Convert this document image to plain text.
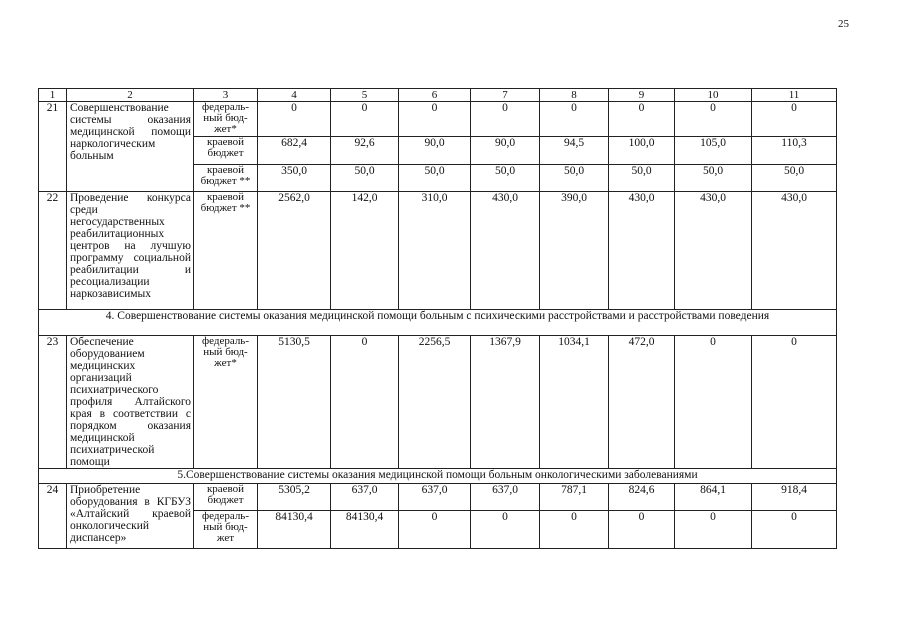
25
1	2	3	4	5	6	7	8	9	10	11
21	Совершенствование системы оказания медицинской помощи наркологическим больным	федераль-ный бюд-жет*	0	0	0	0	0	0	0	0
		краевой бюджет	682,4	92,6	90,0	90,0	94,5	100,0	105,0	110,3
		краевой бюджет **	350,0	50,0	50,0	50,0	50,0	50,0	50,0	50,0
22	Проведение конкурса среди негосударственных реабилитационных центров на лучшую программу социальной реабилитации и ресоциализации наркозависимых	краевой бюджет **	2562,0	142,0	310,0	430,0	390,0	430,0	430,0	430,0
4. Совершенствование системы оказания медицинской помощи больным с психическими расстройствами и расстройствами поведения										
23	Обеспечение оборудованием медицинских организаций психиатрического профиля Алтайского края в соответствии с порядком оказания медицинской психиатрической помощи	федераль-ный бюд-жет*	5130,5	0	2256,5	1367,9	1034,1	472,0	0	0
5.Совершенствование системы оказания медицинской помощи больным онкологическими заболеваниями										
24	Приобретение оборудования в КГБУЗ «Алтайский краевой онкологический диспансер»	краевой бюджет	5305,2	637,0	637,0	637,0	787,1	824,6	864,1	918,4
		федераль-ный бюд-жет	84130,4	84130,4	0	0	0	0	0	0
